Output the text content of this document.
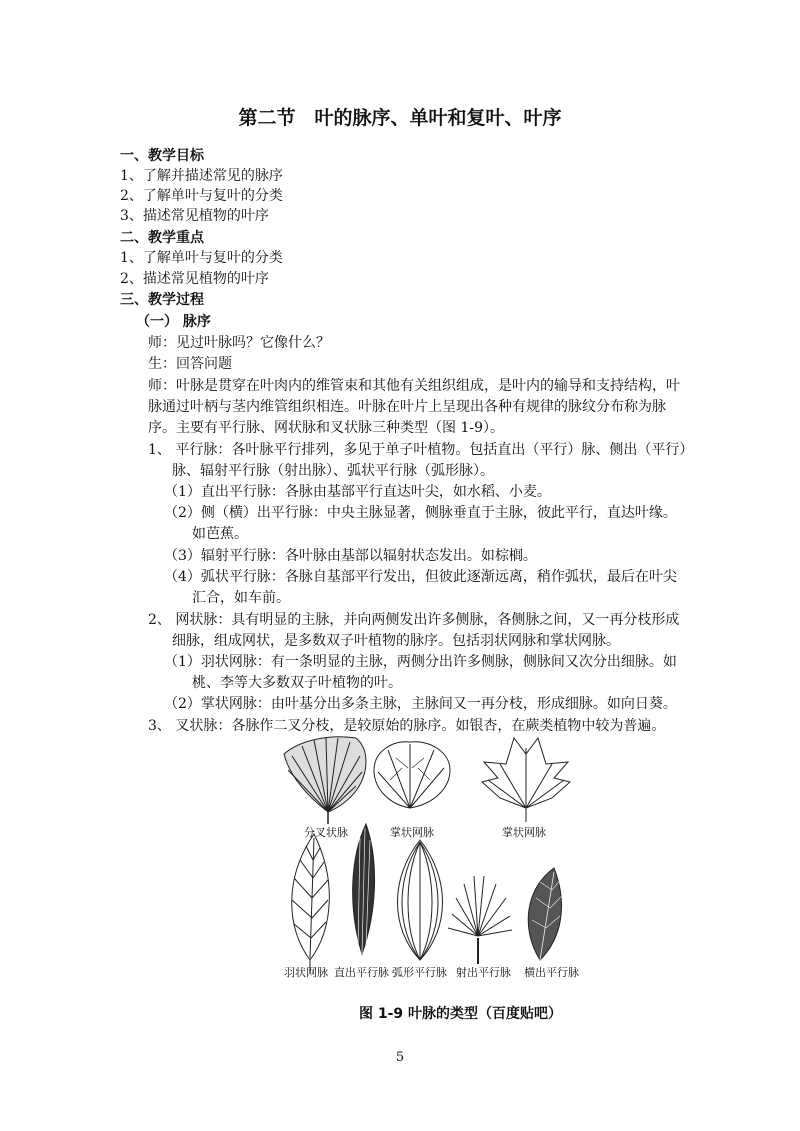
第二节　叶的脉序、单叶和复叶、叶序
一、教学目标
1、了解并描述常见的脉序
2、了解单叶与复叶的分类
3、描述常见植物的叶序
二、教学重点
1、了解单叶与复叶的分类
2、描述常见植物的叶序
三、教学过程
（一） 脉序
师：见过叶脉吗？它像什么？
生：回答问题
师：叶脉是贯穿在叶肉内的维管束和其他有关组织组成，是叶内的输导和支持结构，叶
脉通过叶柄与茎内维管组织相连。叶脉在叶片上呈现出各种有规律的脉纹分布称为脉
序。主要有平行脉、网状脉和叉状脉三种类型（图 1-9）。
1、 平行脉：各叶脉平行排列，多见于单子叶植物。包括直出（平行）脉、侧出（平行）
脉、辐射平行脉（射出脉）、弧状平行脉（弧形脉）。
（1）直出平行脉：各脉由基部平行直达叶尖，如水稻、小麦。
（2）侧（横）出平行脉：中央主脉显著，侧脉垂直于主脉，彼此平行，直达叶缘。
如芭蕉。
（3）辐射平行脉：各叶脉由基部以辐射状态发出。如棕榈。
（4）弧状平行脉：各脉自基部平行发出，但彼此逐渐远离，稍作弧状，最后在叶尖
汇合，如车前。
2、 网状脉：具有明显的主脉，并向两侧发出许多侧脉，各侧脉之间，又一再分枝形成
细脉，组成网状，是多数双子叶植物的脉序。包括羽状网脉和掌状网脉。
（1）羽状网脉：有一条明显的主脉，两侧分出许多侧脉，侧脉间又次分出细脉。如
桃、李等大多数双子叶植物的叶。
（2）掌状网脉：由叶基分出多条主脉，主脉间又一再分枝，形成细脉。如向日葵。
3、 叉状脉：各脉作二叉分枝，是较原始的脉序。如银杏，在蕨类植物中较为普遍。
分叉状脉	掌状网脉	掌状网脉
羽状网脉 直出平行脉 弧形平行脉 射出平行脉 横出平行脉
图 1-9 叶脉的类型（百度贴吧）
5
